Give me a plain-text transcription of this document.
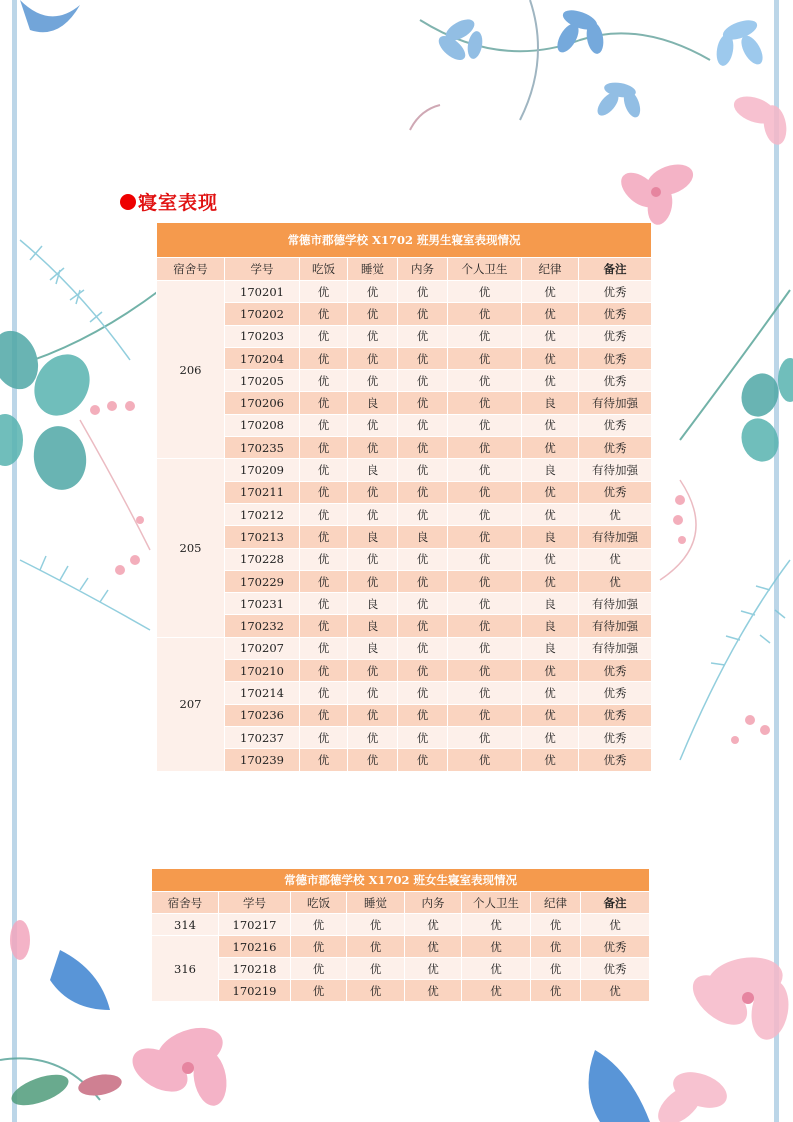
寝室表现
常德市郡德学校 X1702 班男生寝室表现情况							
宿舍号	学号	吃饭	睡觉	内务	个人卫生	纪律	备注
206	170201	优	优	优	优	优	优秀
	170202	优	优	优	优	优	优秀
	170203	优	优	优	优	优	优秀
	170204	优	优	优	优	优	优秀
	170205	优	优	优	优	优	优秀
	170206	优	良	优	优	良	有待加强
	170208	优	优	优	优	优	优秀
	170235	优	优	优	优	优	优秀
205	170209	优	良	优	优	良	有待加强
	170211	优	优	优	优	优	优秀
	170212	优	优	优	优	优	优
	170213	优	良	良	优	良	有待加强
	170228	优	优	优	优	优	优
	170229	优	优	优	优	优	优
	170231	优	良	优	优	良	有待加强
	170232	优	良	优	优	良	有待加强
207	170207	优	良	优	优	良	有待加强
	170210	优	优	优	优	优	优秀
	170214	优	优	优	优	优	优秀
	170236	优	优	优	优	优	优秀
	170237	优	优	优	优	优	优秀
	170239	优	优	优	优	优	优秀
常德市郡德学校 X1702 班女生寝室表现情况							
宿舍号	学号	吃饭	睡觉	内务	个人卫生	纪律	备注
314	170217	优	优	优	优	优	优
316	170216	优	优	优	优	优	优秀
	170218	优	优	优	优	优	优秀
	170219	优	优	优	优	优	优
